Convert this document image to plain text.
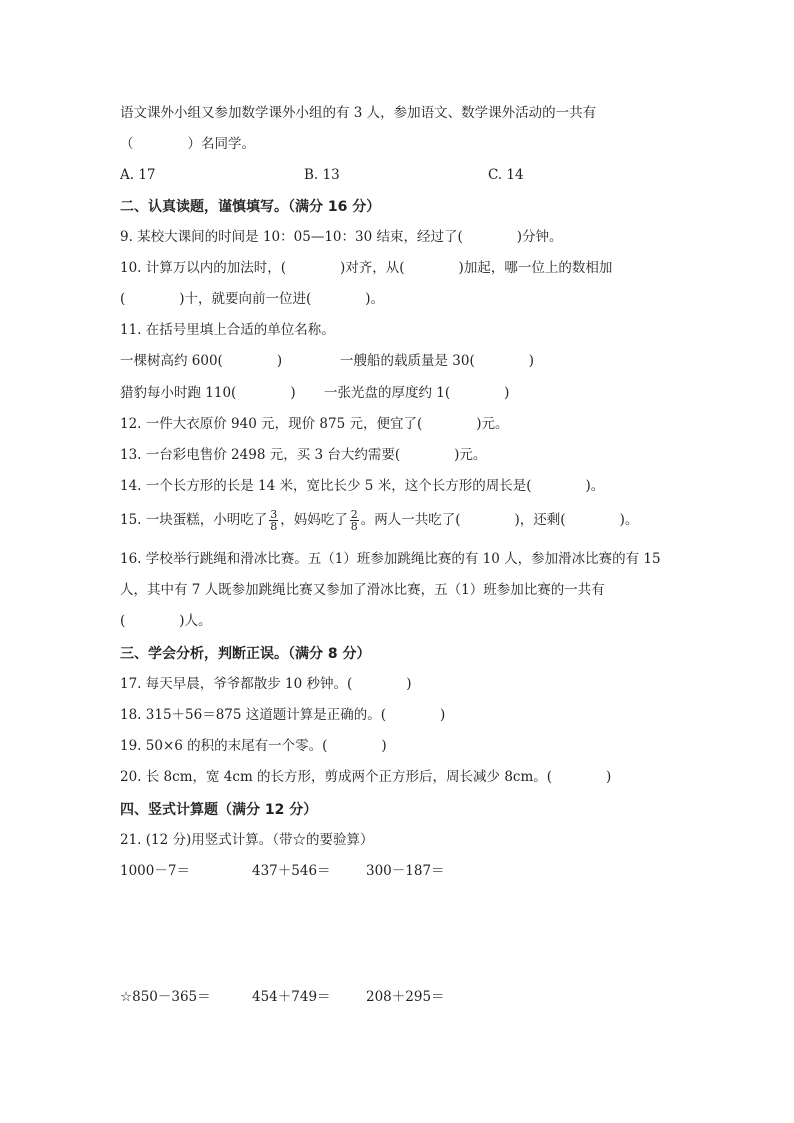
语文课外小组又参加数学课外小组的有 3 人，参加语文、数学课外活动的一共有
（　　　　）名同学。
A. 17	B. 13	C. 14
二、认真读题，谨慎填写。（满分 16 分）
9. 某校大课间的时间是 10：05—10：30 结束，经过了(　　　　)分钟。
10. 计算万以内的加法时，(　　　　)对齐，从(　　　　)加起，哪一位上的数相加
(　　　　)十，就要向前一位进(　　　　)。
11. 在括号里填上合适的单位名称。
一棵树高约 600(　　　　)	一艘船的载质量是 30(　　　　)
猎豹每小时跑 110(　　　　) 一张光盘的厚度约 1(　　　　)
12. 一件大衣原价 940 元，现价 875 元，便宜了(　　　　)元。
13. 一台彩电售价 2498 元，买 3 台大约需要(　　　　)元。
14. 一个长方形的长是 14 米，宽比长少 5 米，这个长方形的周长是(　　　　)。
15. 一块蛋糕，小明吃了 $\frac{3}{8}$ ，妈妈吃了 $\frac{2}{8}$ 。两人一共吃了(　　　　)，还剩(　　　　)。
16. 学校举行跳绳和滑冰比赛。五（1）班参加跳绳比赛的有 10 人，参加滑冰比赛的有 15
人，其中有 7 人既参加跳绳比赛又参加了滑冰比赛，五（1）班参加比赛的一共有
(　　　　)人。
三、学会分析，判断正误。（满分 8 分）
17. 每天早晨，爷爷都散步 10 秒钟。(　　　　)
18. 315＋56＝875 这道题计算是正确的。(　　　　)
19. 50×6 的积的末尾有一个零。(　　　　)
20. 长 8cm，宽 4cm 的长方形，剪成两个正方形后，周长减少 8cm。(　　　　)
四、竖式计算题（满分 12 分）
21. (12 分)用竖式计算。（带☆的要验算）
1000－7＝	437＋546＝	300－187＝
☆850－365＝	454＋749＝	208＋295＝
